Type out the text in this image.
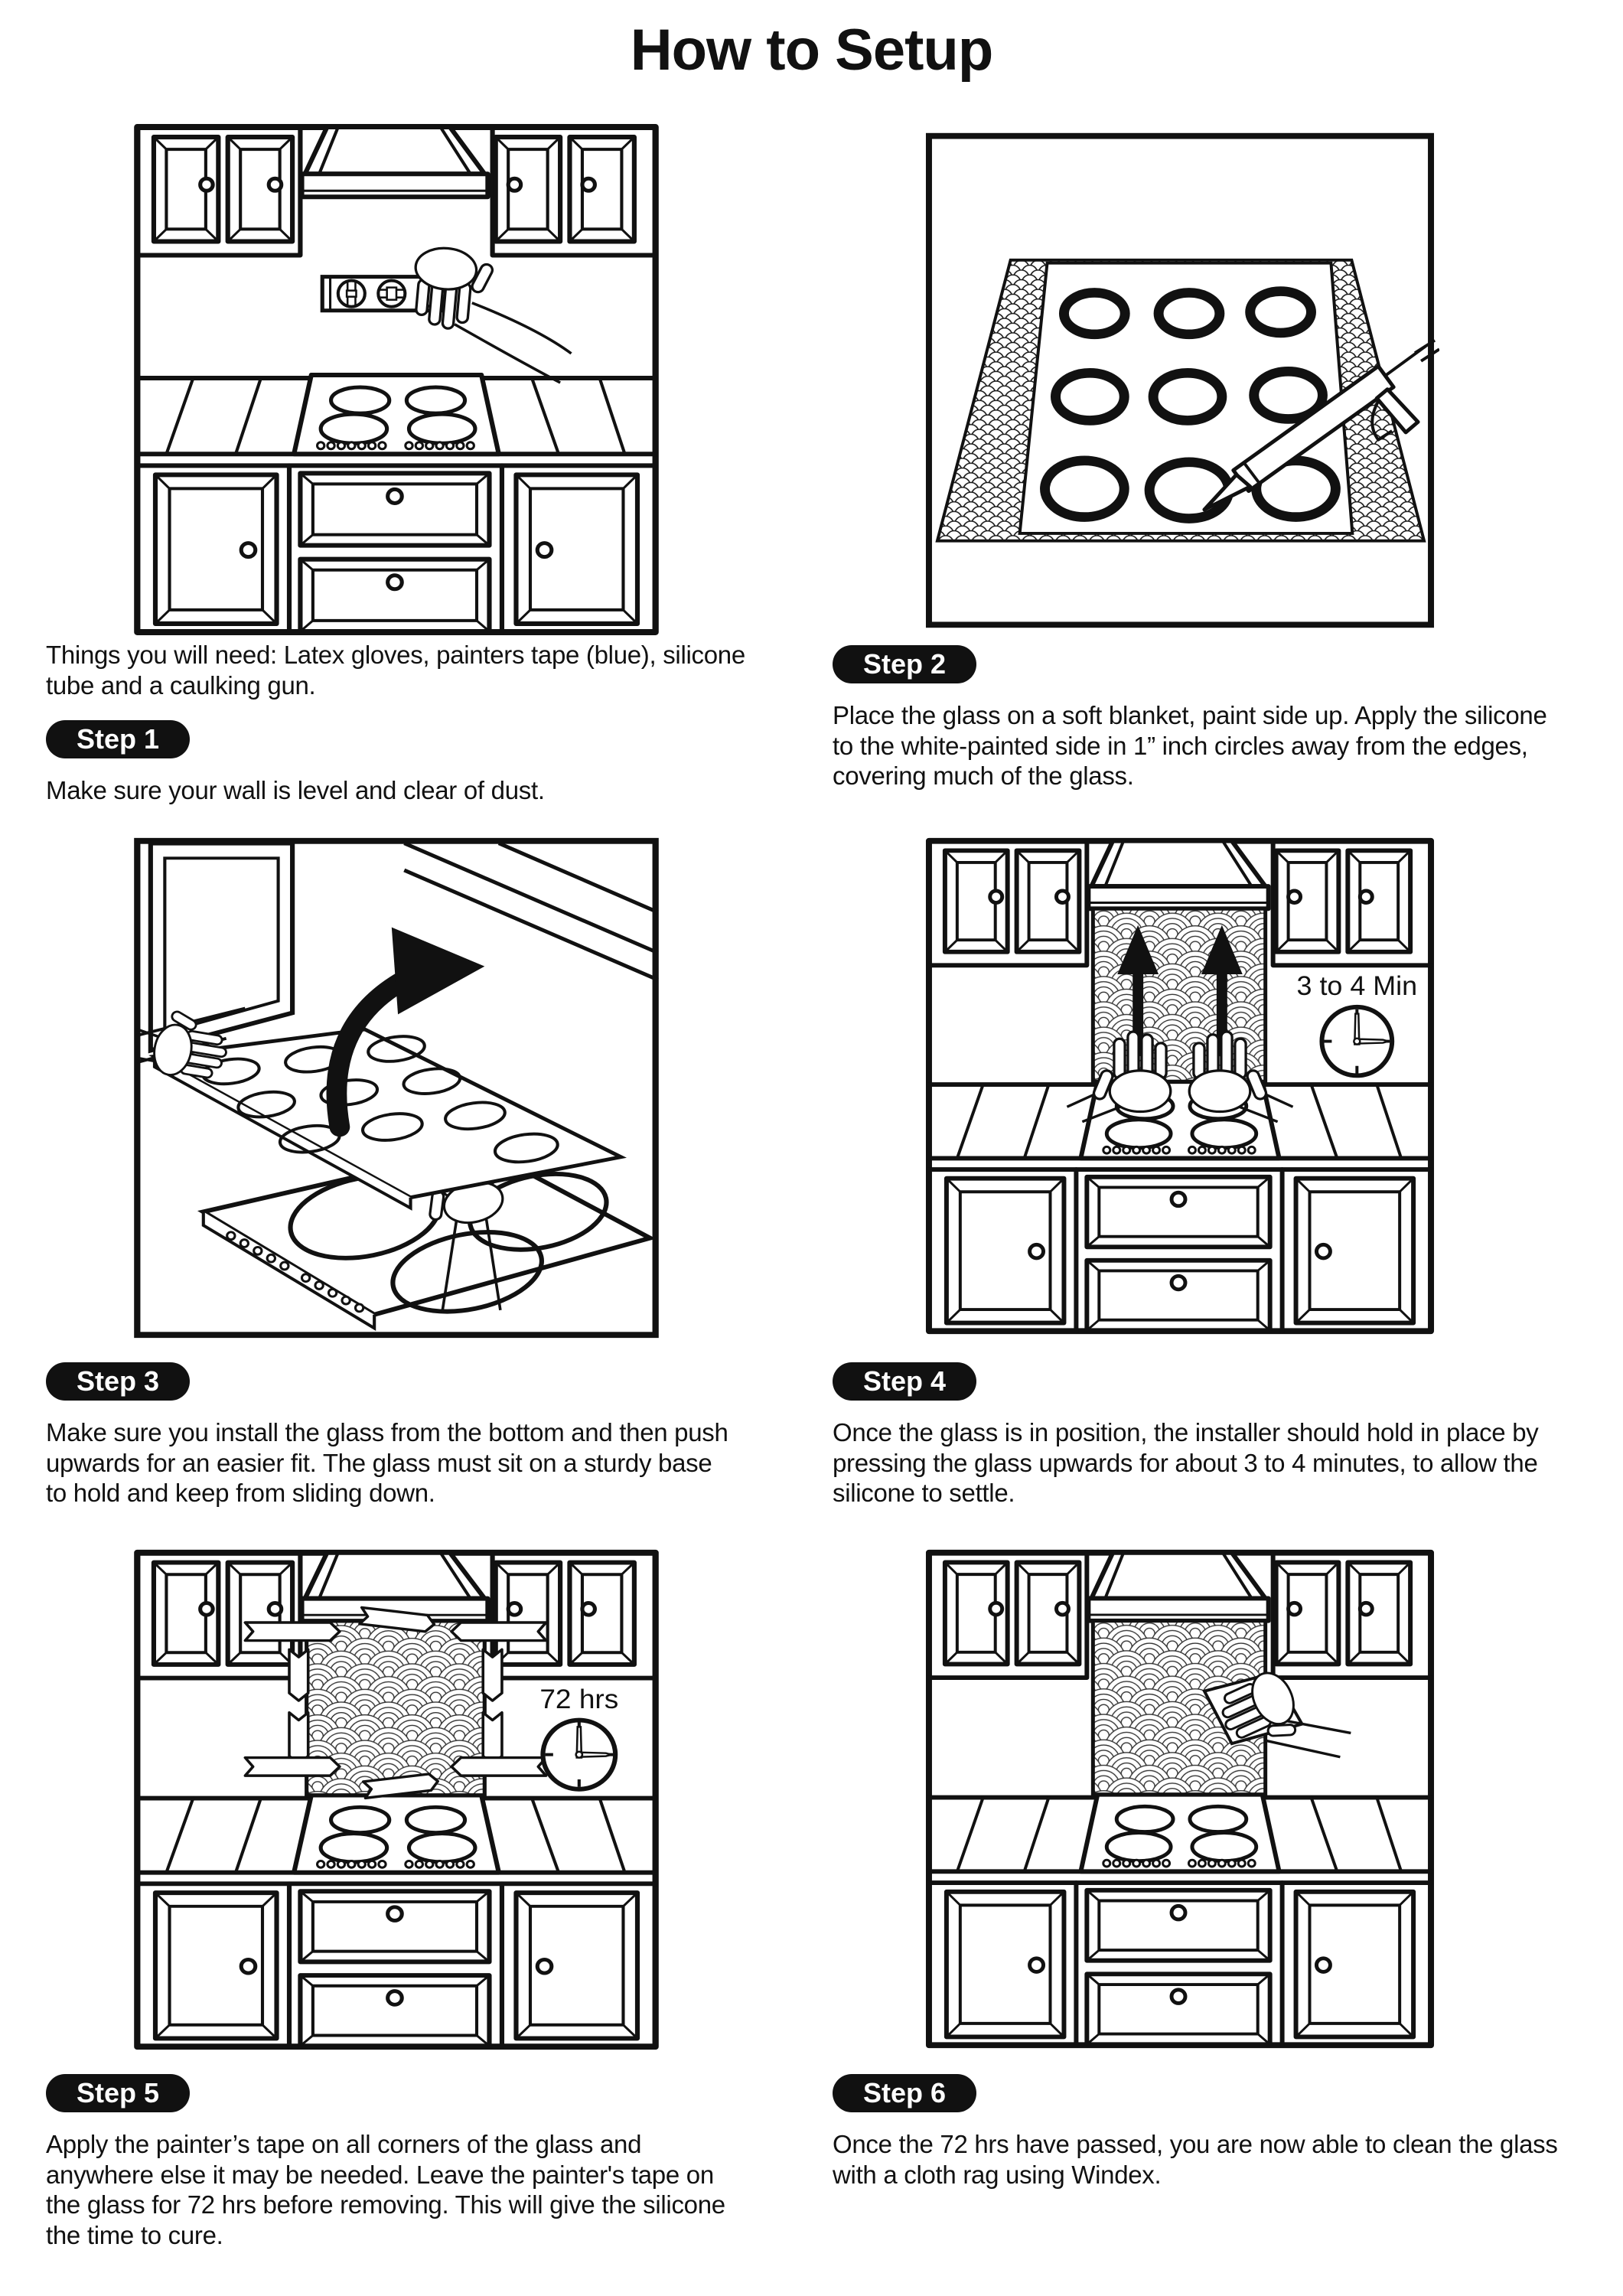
How to Setup
3 to 4 Min
72 hrs

Things you will need: Latex gloves, painters tape (blue), silicone tube and a caulking gun.

Step 1

Make sure your wall is level and clear of dust.

Step 2

Place the glass on a soft blanket, paint side up. Apply the silicone to the white-painted side in 1” inch circles away from the edges, covering much of the glass.

Step 3

Make sure you install the glass from the bottom and then push upwards for an easier fit. The glass must sit on a sturdy base to hold and keep from sliding down.

Step 4

Once the glass is in position, the installer should hold in place by pressing the glass upwards for about 3 to 4 minutes, to allow the silicone to settle.

Step 5

Apply the painter’s tape on all corners of the glass and anywhere else it may be needed. Leave the painter's tape on the glass for 72 hrs before removing. This will give the silicone the time to cure.

Step 6

Once the 72 hrs have passed, you are now able to clean the glass with a cloth rag using Windex.
